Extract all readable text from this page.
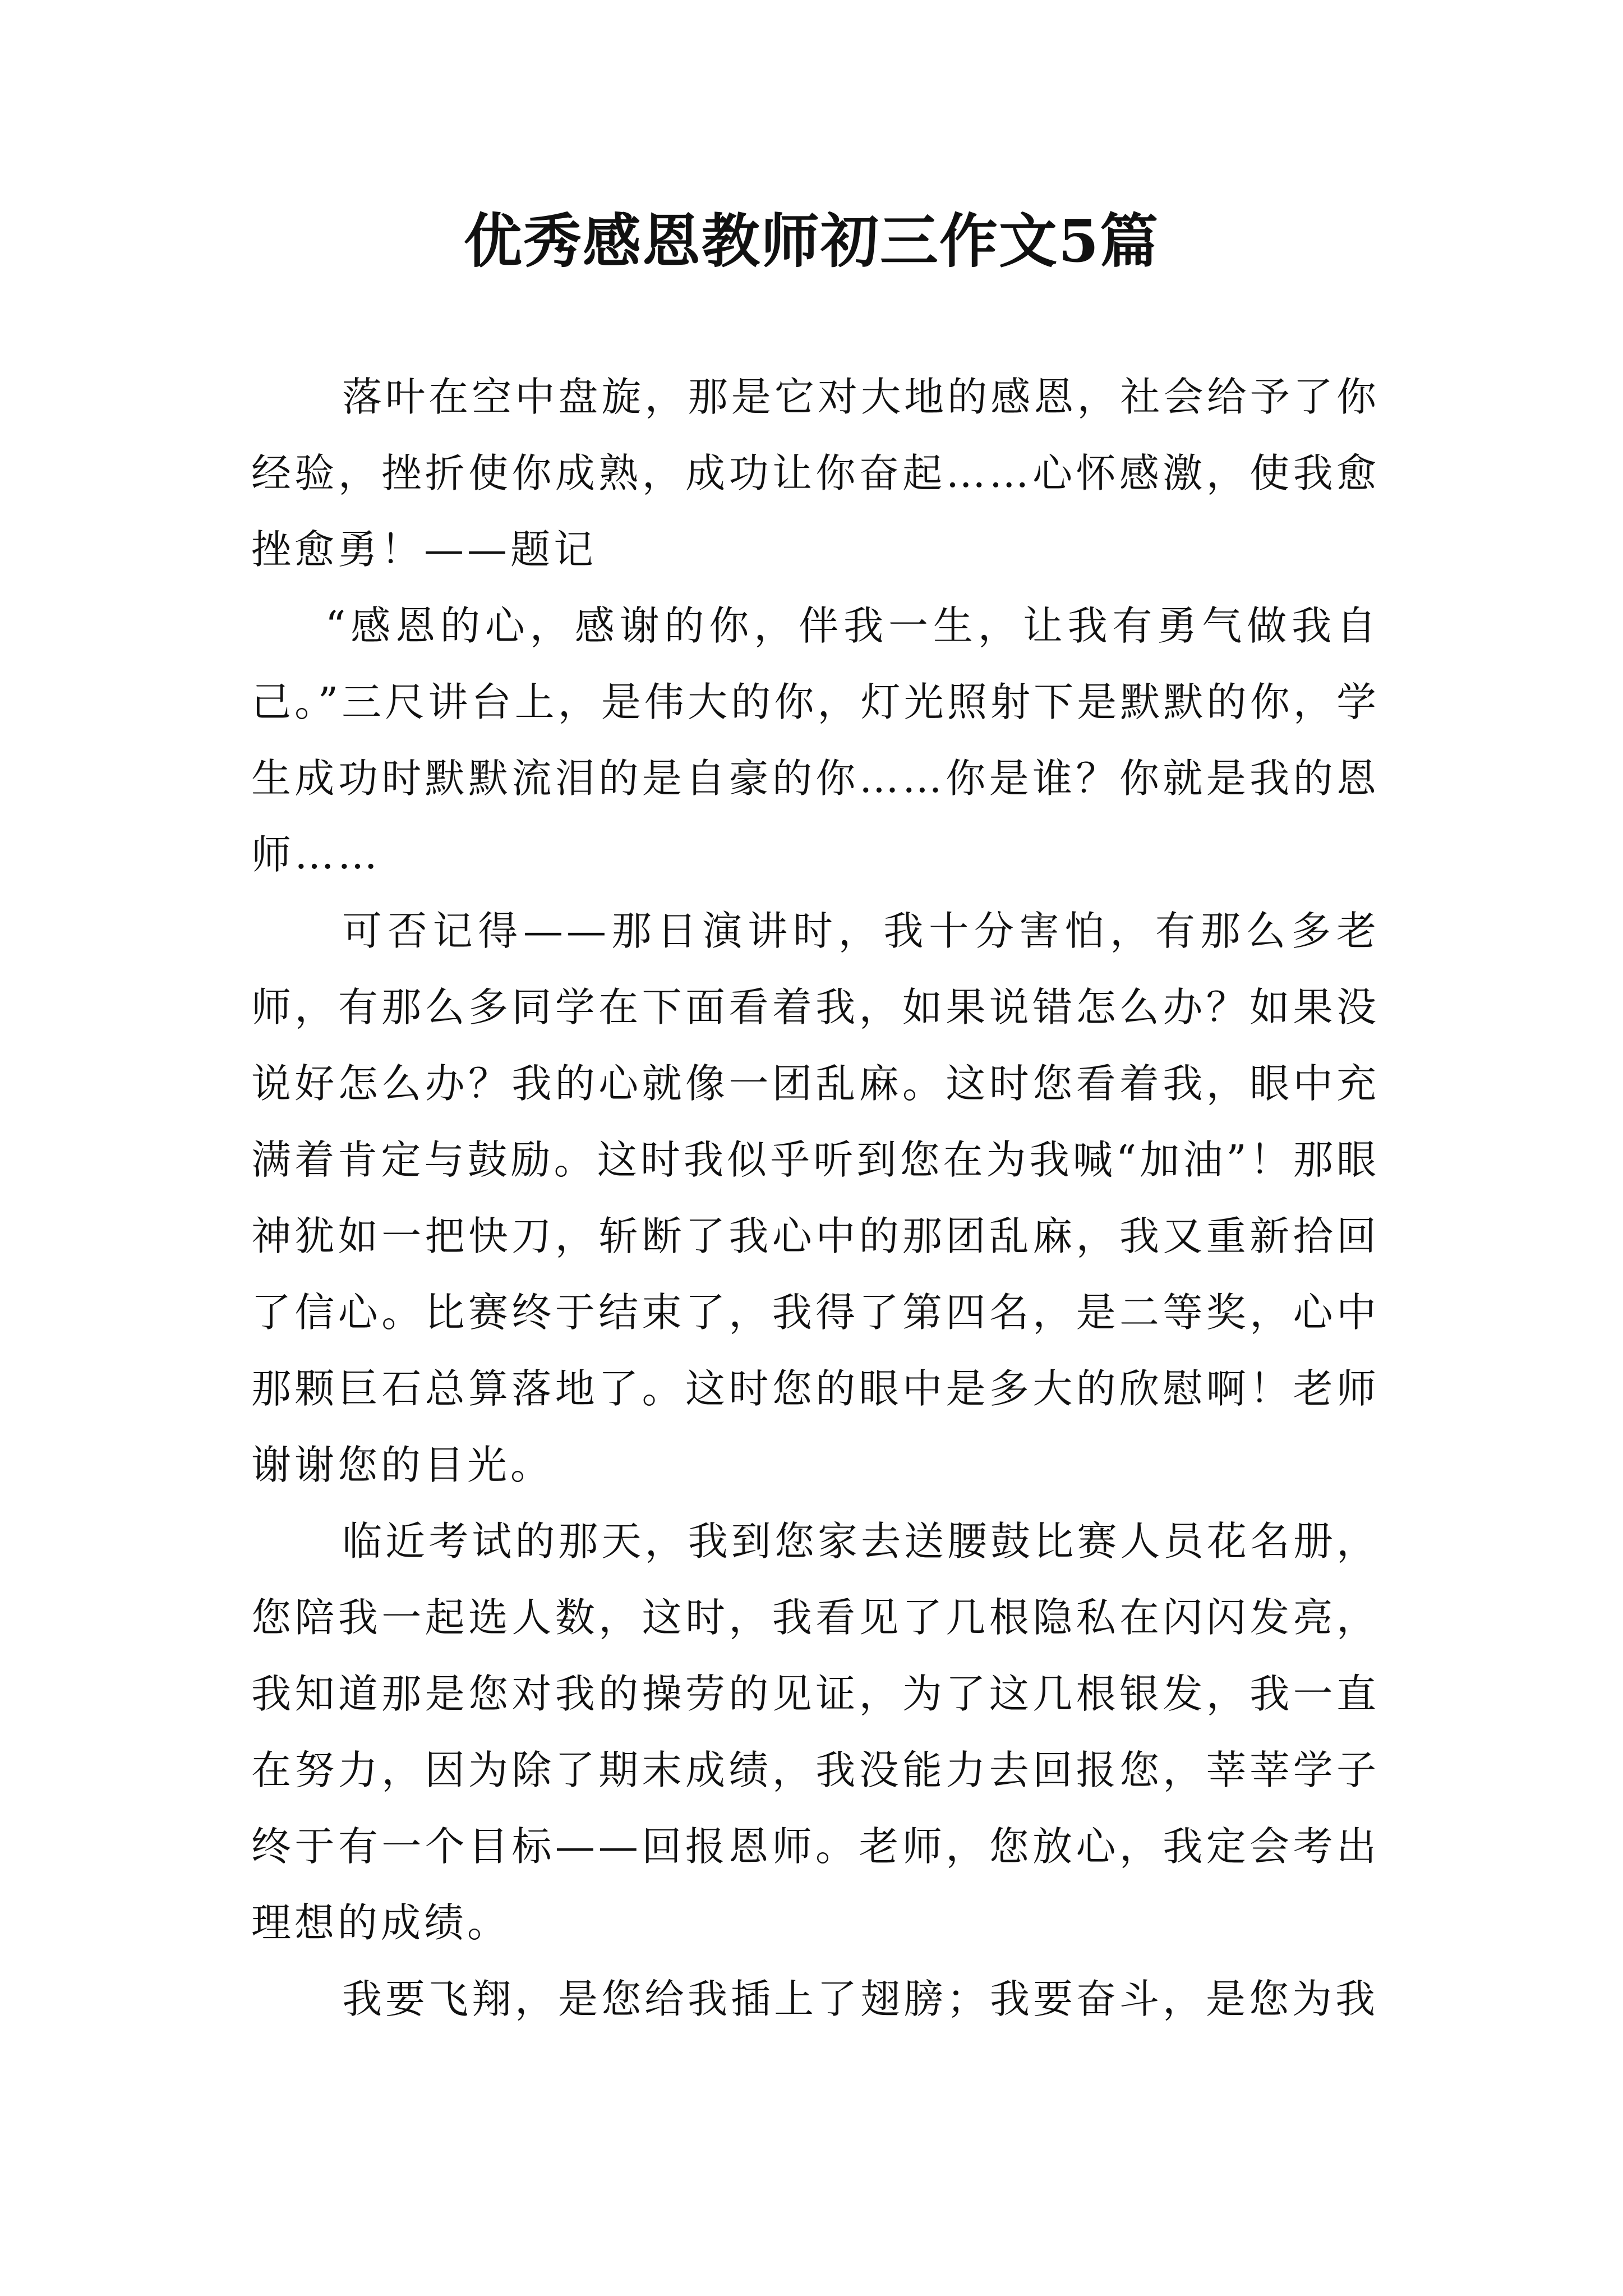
优秀感恩教师初三作文5篇

落叶在空中盘旋，那是它对大地的感恩，社会给予了你经验，挫折使你成熟，成功让你奋起……心怀感激，使我愈挫愈勇！——题记

“感恩的心，感谢的你，伴我一生，让我有勇气做我自己。”三尺讲台上，是伟大的你，灯光照射下是默默的你，学生成功时默默流泪的是自豪的你……你是谁？你就是我的恩师……

可否记得——那日演讲时，我十分害怕，有那么多老师，有那么多同学在下面看着我，如果说错怎么办？如果没说好怎么办？我的心就像一团乱麻。这时您看着我，眼中充满着肯定与鼓励。这时我似乎听到您在为我喊“加油”！那眼神犹如一把快刀，斩断了我心中的那团乱麻，我又重新拾回了信心。比赛终于结束了，我得了第四名，是二等奖，心中那颗巨石总算落地了。这时您的眼中是多大的欣慰啊！老师谢谢您的目光。

临近考试的那天，我到您家去送腰鼓比赛人员花名册，您陪我一起选人数，这时，我看见了几根隐私在闪闪发亮，我知道那是您对我的操劳的见证，为了这几根银发，我一直在努力，因为除了期末成绩，我没能力去回报您，莘莘学子终于有一个目标——回报恩师。老师，您放心，我定会考出理想的成绩。

我要飞翔，是您给我插上了翅膀；我要奋斗，是您为我
